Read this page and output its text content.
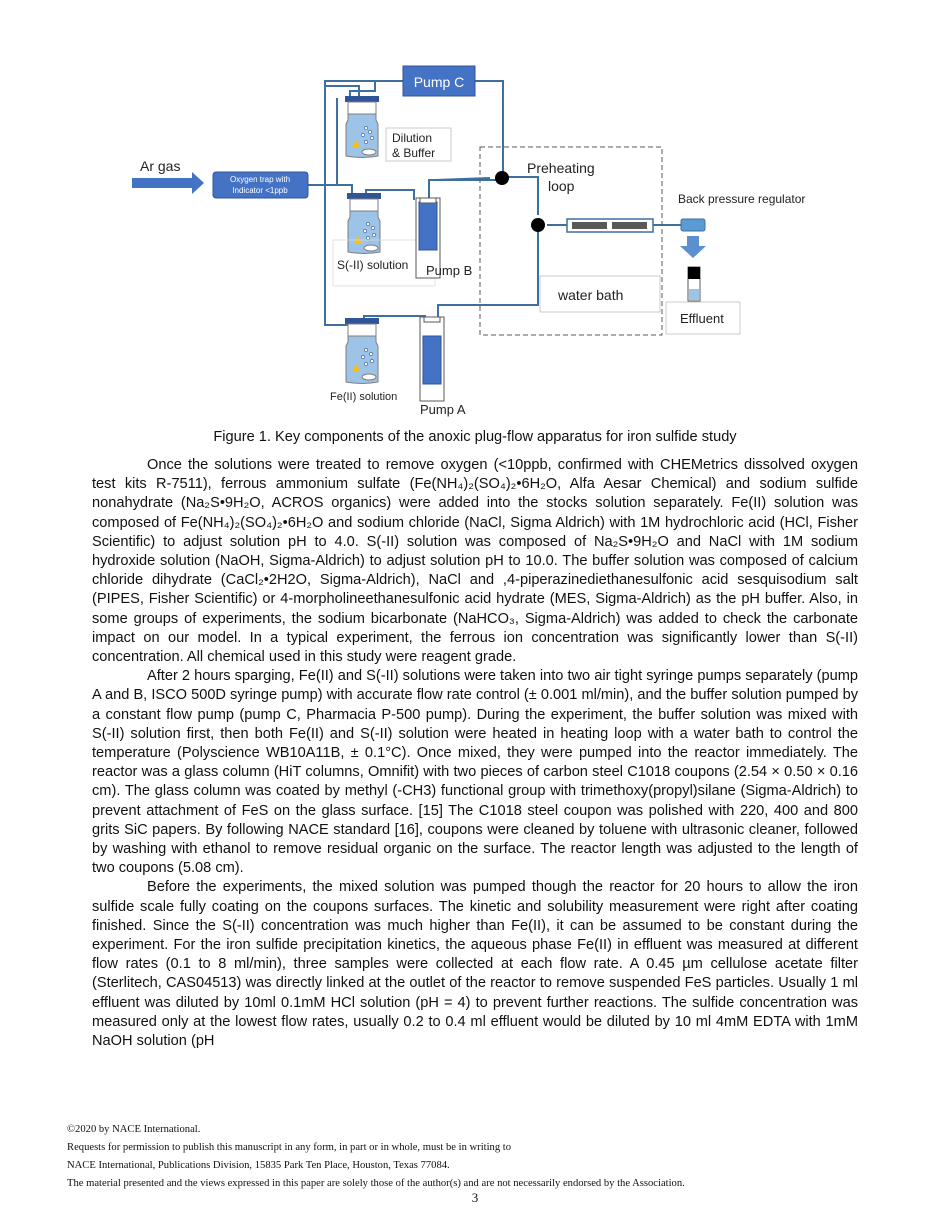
Pump C
Dilution
& Buffer
Preheating
loop
Ar gas
Oxygen trap with
Indicator <1ppb
S(-II) solution Pump B
water bath
Back pressure regulator
Effluent
Fe(II) solution
Pump A
Figure 1. Key components of the anoxic plug-flow apparatus for iron sulfide study

Once the solutions were treated to remove oxygen (<10ppb, confirmed with CHEMetrics dissolved oxygen test kits R-7511), ferrous ammonium sulfate (Fe(NH₄)₂(SO₄)₂•6H₂O, Alfa Aesar Chemical) and sodium sulfide nonahydrate (Na₂S•9H₂O, ACROS organics) were added into the stocks solution separately. Fe(II) solution was composed of Fe(NH₄)₂(SO₄)₂•6H₂O and sodium chloride (NaCl, Sigma Aldrich) with 1M hydrochloric acid (HCl, Fisher Scientific) to adjust solution pH to 4.0. S(-II) solution was composed of Na₂S•9H₂O and NaCl with 1M sodium hydroxide solution (NaOH, Sigma-Aldrich) to adjust solution pH to 10.0. The buffer solution was composed of calcium chloride dihydrate (CaCl₂•2H2O, Sigma-Aldrich), NaCl and ,4-piperazinediethanesulfonic acid sesquisodium salt (PIPES, Fisher Scientific) or 4-morpholineethanesulfonic acid hydrate (MES, Sigma-Aldrich) as the pH buffer. Also, in some groups of experiments, the sodium bicarbonate (NaHCO₃, Sigma-Aldrich) was added to check the carbonate impact on our model. In a typical experiment, the ferrous ion concentration was significantly lower than S(-II) concentration. All chemical used in this study were reagent grade.

After 2 hours sparging, Fe(II) and S(-II) solutions were taken into two air tight syringe pumps separately (pump A and B, ISCO 500D syringe pump) with accurate flow rate control (± 0.001 ml/min), and the buffer solution pumped by a constant flow pump (pump C, Pharmacia P-500 pump). During the experiment, the buffer solution was mixed with S(-II) solution first, then both Fe(II) and S(-II) solution were heated in heating loop with a water bath to control the temperature (Polyscience WB10A11B, ± 0.1°C). Once mixed, they were pumped into the reactor immediately. The reactor was a glass column (HiT columns, Omnifit) with two pieces of carbon steel C1018 coupons (2.54 × 0.50 × 0.16 cm). The glass column was coated by methyl (-CH3) functional group with trimethoxy(propyl)silane (Sigma-Aldrich) to prevent attachment of FeS on the glass surface. [15] The C1018 steel coupon was polished with 220, 400 and 800 grits SiC papers. By following NACE standard [16], coupons were cleaned by toluene with ultrasonic cleaner, followed by washing with ethanol to remove residual organic on the surface. The reactor length was adjusted to the length of two coupons (5.08 cm).

Before the experiments, the mixed solution was pumped though the reactor for 20 hours to allow the iron sulfide scale fully coating on the coupons surfaces. The kinetic and solubility measurement were right after coating finished. Since the S(-II) concentration was much higher than Fe(II), it can be assumed to be constant during the experiment. For the iron sulfide precipitation kinetics, the aqueous phase Fe(II) in effluent was measured at different flow rates (0.1 to 8 ml/min), three samples were collected at each flow rate. A 0.45 µm cellulose acetate filter (Sterlitech, CAS04513) was directly linked at the outlet of the reactor to remove suspended FeS particles. Usually 1 ml effluent was diluted by 10ml 0.1mM HCl solution (pH = 4) to prevent further reactions. The sulfide concentration was measured only at the lowest flow rates, usually 0.2 to 0.4 ml effluent would be diluted by 10 ml 4mM EDTA with 1mM NaOH solution (pH

©2020 by NACE International.
Requests for permission to publish this manuscript in any form, in part or in whole, must be in writing to
NACE International, Publications Division, 15835 Park Ten Place, Houston, Texas 77084.
The material presented and the views expressed in this paper are solely those of the author(s) and are not necessarily endorsed by the Association.
3
